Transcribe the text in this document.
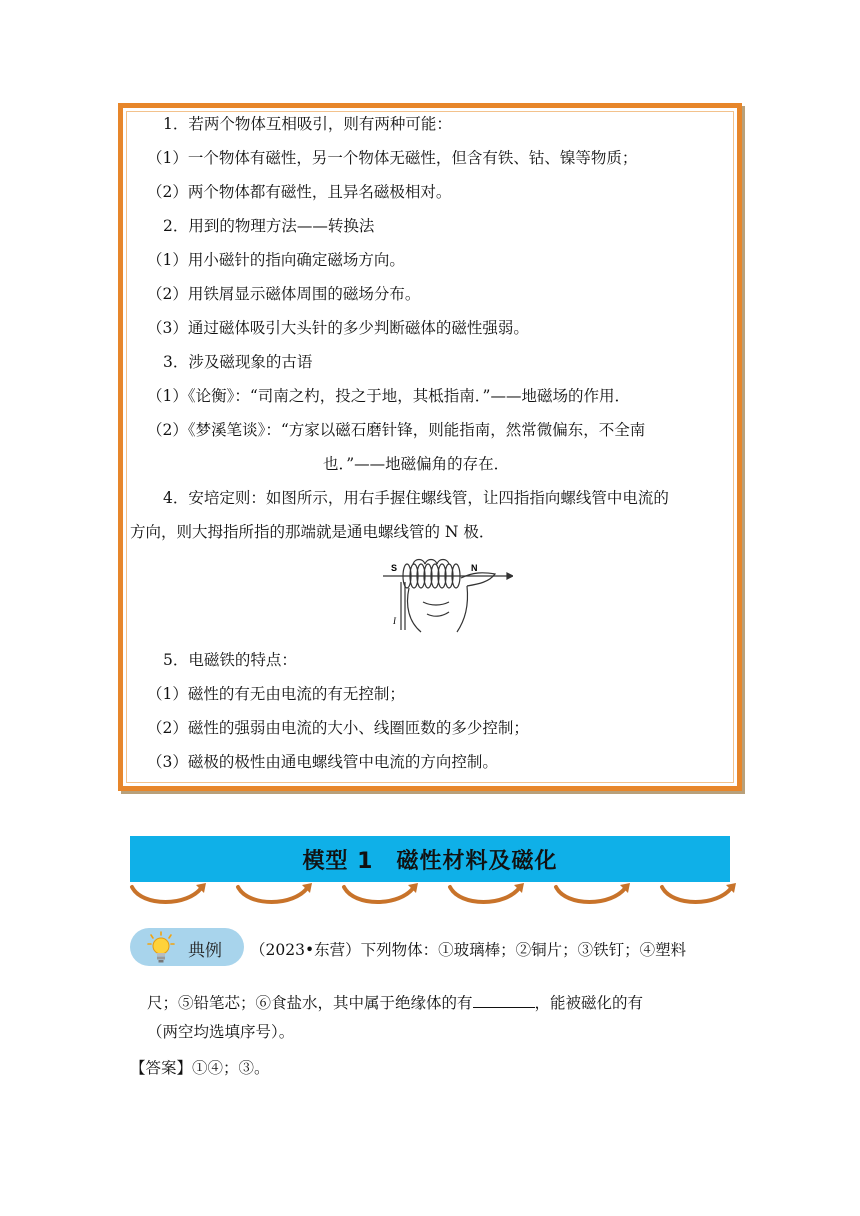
1．若两个物体互相吸引，则有两种可能：
（1）一个物体有磁性，另一个物体无磁性，但含有铁、钴、镍等物质；
（2）两个物体都有磁性，且异名磁极相对。
2．用到的物理方法——转换法
（1）用小磁针的指向确定磁场方向。
（2）用铁屑显示磁体周围的磁场分布。
（3）通过磁体吸引大头针的多少判断磁体的磁性强弱。
3．涉及磁现象的古语
（1）《论衡》：“司南之杓，投之于地，其柢指南．”——地磁场的作用．
（2）《梦溪笔谈》：“方家以磁石磨针锋，则能指南，然常微偏东，不全南
也．”——地磁偏角的存在．
4．安培定则：如图所示，用右手握住螺线管，让四指指向螺线管中电流的
方向，则大拇指所指的那端就是通电螺线管的 N 极．
S	N
I
5．电磁铁的特点：
（1）磁性的有无由电流的有无控制；
（2）磁性的强弱由电流的大小、线圈匝数的多少控制；
（3）磁极的极性由通电螺线管中电流的方向控制。
模型 1　磁性材料及磁化
典例 （2023•东营）下列物体：①玻璃棒；②铜片；③铁钉；④塑料
尺；⑤铅笔芯；⑥食盐水，其中属于绝缘体的有	，能被磁化的有
（两空均选填序号）。
【答案】①④；③。
